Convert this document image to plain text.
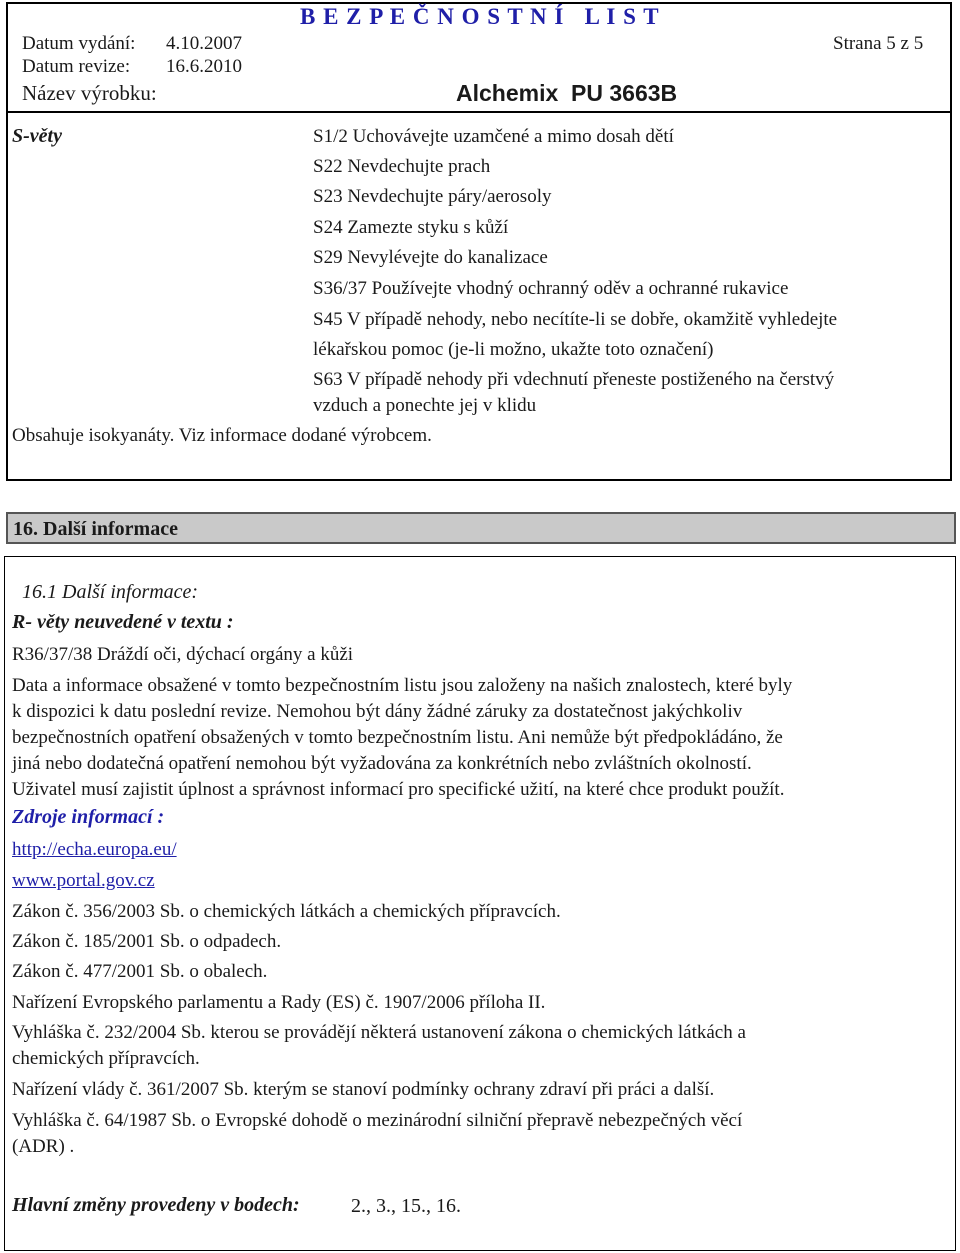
B E Z P E Č N O S T N Í   L I S T
Datum vydání: 4.10.2007	Strana 5 z 5
Datum revize: 16.6.2010
Název výrobku:	Alchemix  PU 3663B
S-věty	S1/2 Uchovávejte uzamčené a mimo dosah dětí
S22 Nevdechujte prach
S23 Nevdechujte páry/aerosoly
S24 Zamezte styku s kůží
S29 Nevylévejte do kanalizace
S36/37 Používejte vhodný ochranný oděv a ochranné rukavice
S45 V případě nehody, nebo necítíte-li se dobře, okamžitě vyhledejte
lékařskou pomoc (je-li možno, ukažte toto označení)
S63 V případě nehody při vdechnutí přeneste postiženého na čerstvý
vzduch a ponechte jej v klidu
Obsahuje isokyanáty. Viz informace dodané výrobcem.
16. Další informace
16.1 Další informace:
R- věty neuvedené v textu :
R36/37/38 Dráždí oči, dýchací orgány a kůži
Data a informace obsažené v tomto bezpečnostním listu jsou založeny na našich znalostech, které byly
k dispozici k datu poslední revize. Nemohou být dány žádné záruky za dostatečnost jakýchkoliv
bezpečnostních opatření obsažených v tomto bezpečnostním listu. Ani nemůže být předpokládáno, že
jiná nebo dodatečná opatření nemohou být vyžadována za konkrétních nebo zvláštních okolností.
Uživatel musí zajistit úplnost a správnost informací pro specifické užití, na které chce produkt použít.
Zdroje informací :
http://echa.europa.eu/
www.portal.gov.cz
Zákon č. 356/2003 Sb. o chemických látkách a chemických přípravcích.
Zákon č. 185/2001 Sb. o odpadech.
Zákon č. 477/2001 Sb. o obalech.
Nařízení Evropského parlamentu a Rady (ES) č. 1907/2006 příloha II.
Vyhláška č. 232/2004 Sb. kterou se provádějí některá ustanovení zákona o chemických látkách a
chemických přípravcích.
Nařízení vlády č. 361/2007 Sb. kterým se stanoví podmínky ochrany zdraví při práci a další.
Vyhláška č. 64/1987 Sb. o Evropské dohodě o mezinárodní silniční přepravě nebezpečných věcí
(ADR) .
Hlavní změny provedeny v bodech:	2., 3., 15., 16.
